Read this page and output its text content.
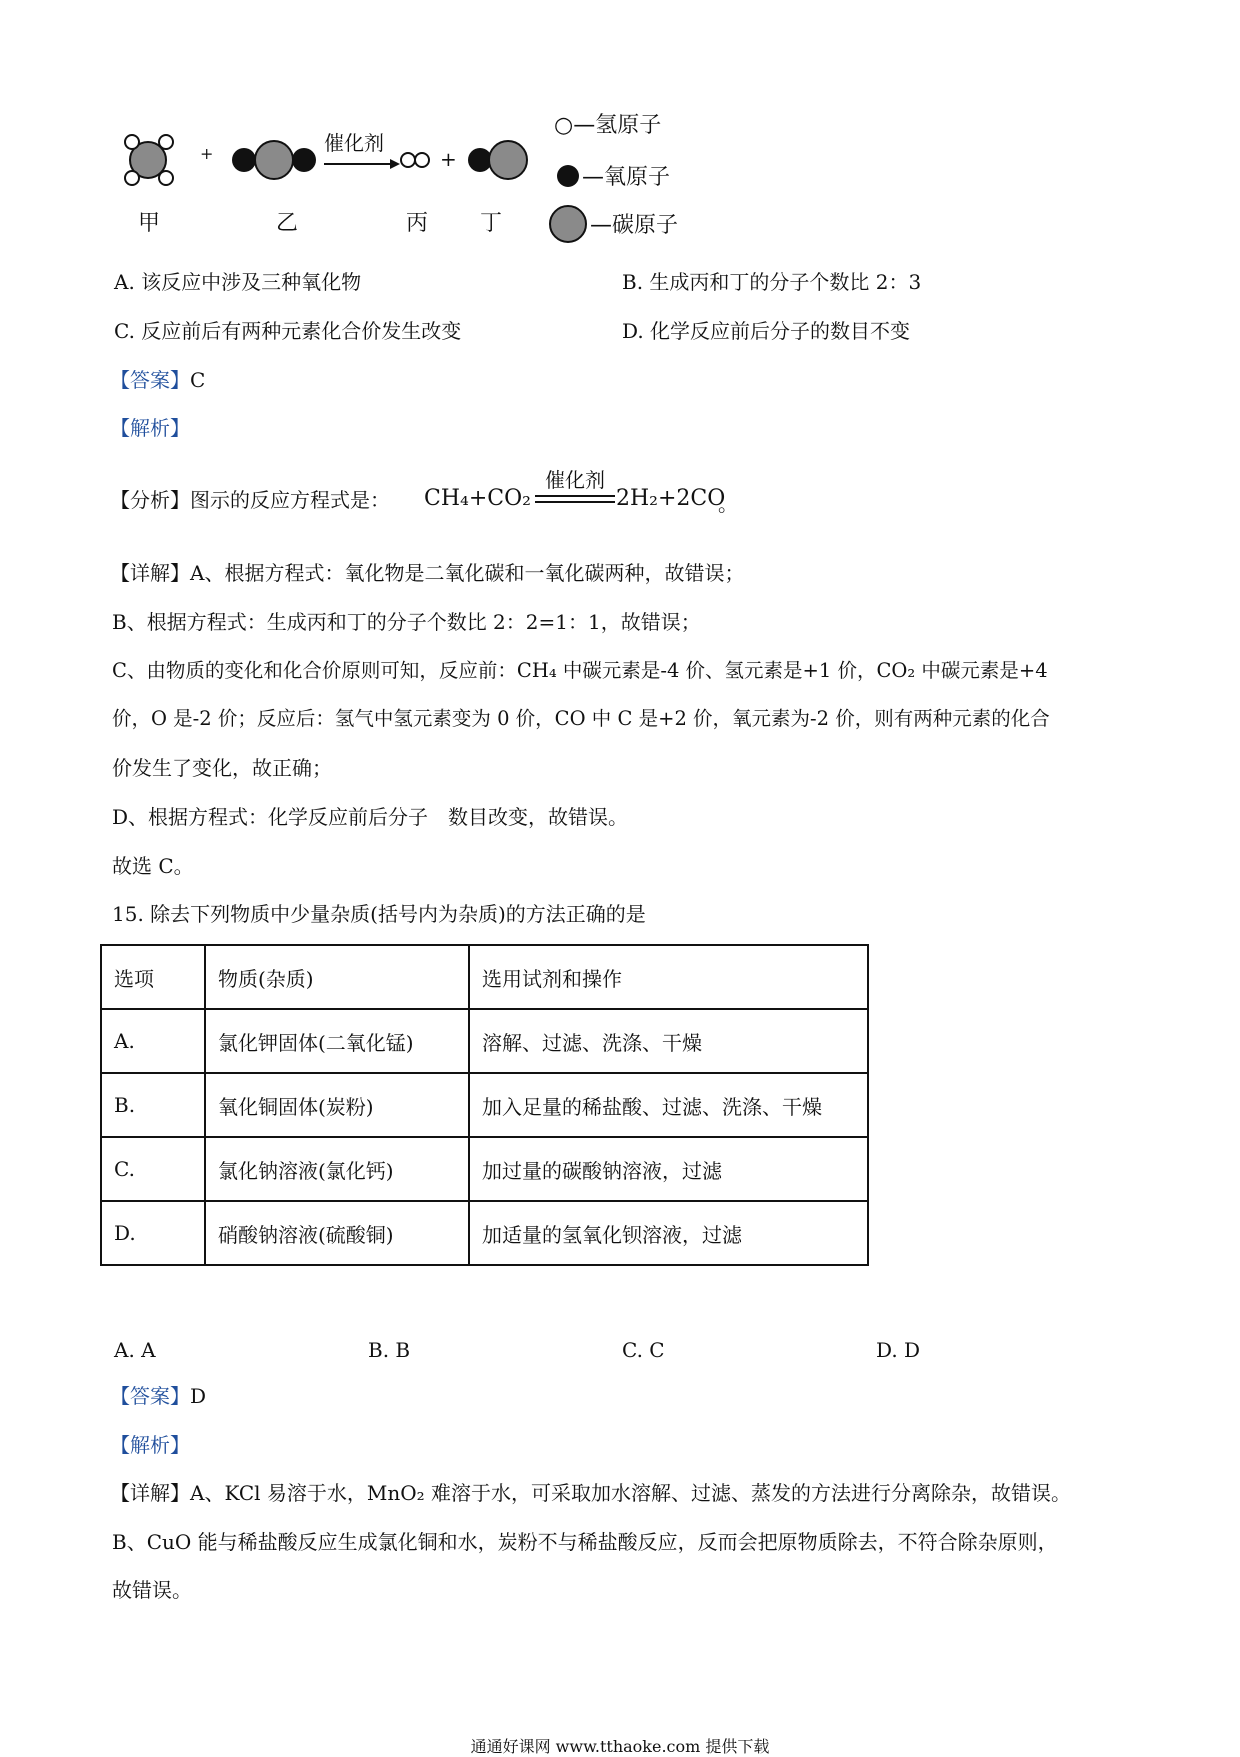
+	催化剂
+
甲	乙	丙 丁
○—氢原子
—氧原子
—碳原子
A. 该反应中涉及三种氧化物	B. 生成丙和丁的分子个数比 2：3
C. 反应前后有两种元素化合价发生改变	D. 化学反应前后分子的数目不变
【答案】C
【解析】
【分析】图示的反应方程式是： CH₄+CO₂
催化剂
2H₂+2CO
。
【详解】A、根据方程式：氧化物是二氧化碳和一氧化碳两种，故错误；
B、根据方程式：生成丙和丁的分子个数比 2：2=1：1，故错误；
C、由物质的变化和化合价原则可知，反应前：CH₄ 中碳元素是-4 价、氢元素是+1 价，CO₂ 中碳元素是+4
价，O 是-2 价；反应后：氢气中氢元素变为 0 价，CO 中 C 是+2 价，氧元素为-2 价，则有两种元素的化合
价发生了变化，故正确；
D、根据方程式：化学反应前后分子　数目改变，故错误。
故选 C。
15. 除去下列物质中少量杂质(括号内为杂质)的方法正确的是
选项	物质(杂质)	选用试剂和操作
A.	氯化钾固体(二氧化锰)	溶解、过滤、洗涤、干燥
B.	氧化铜固体(炭粉)	加入足量的稀盐酸、过滤、洗涤、干燥
C.	氯化钠溶液(氯化钙)	加过量的碳酸钠溶液，过滤
D.	硝酸钠溶液(硫酸铜)	加适量的氢氧化钡溶液，过滤
A. A	B. B	C. C	D. D
【答案】D
【解析】
【详解】A、KCl 易溶于水，MnO₂ 难溶于水，可采取加水溶解、过滤、蒸发的方法进行分离除杂，故错误。
B、CuO 能与稀盐酸反应生成氯化铜和水，炭粉不与稀盐酸反应，反而会把原物质除去，不符合除杂原则，
故错误。
通通好课网 www.tthaoke.com 提供下载
